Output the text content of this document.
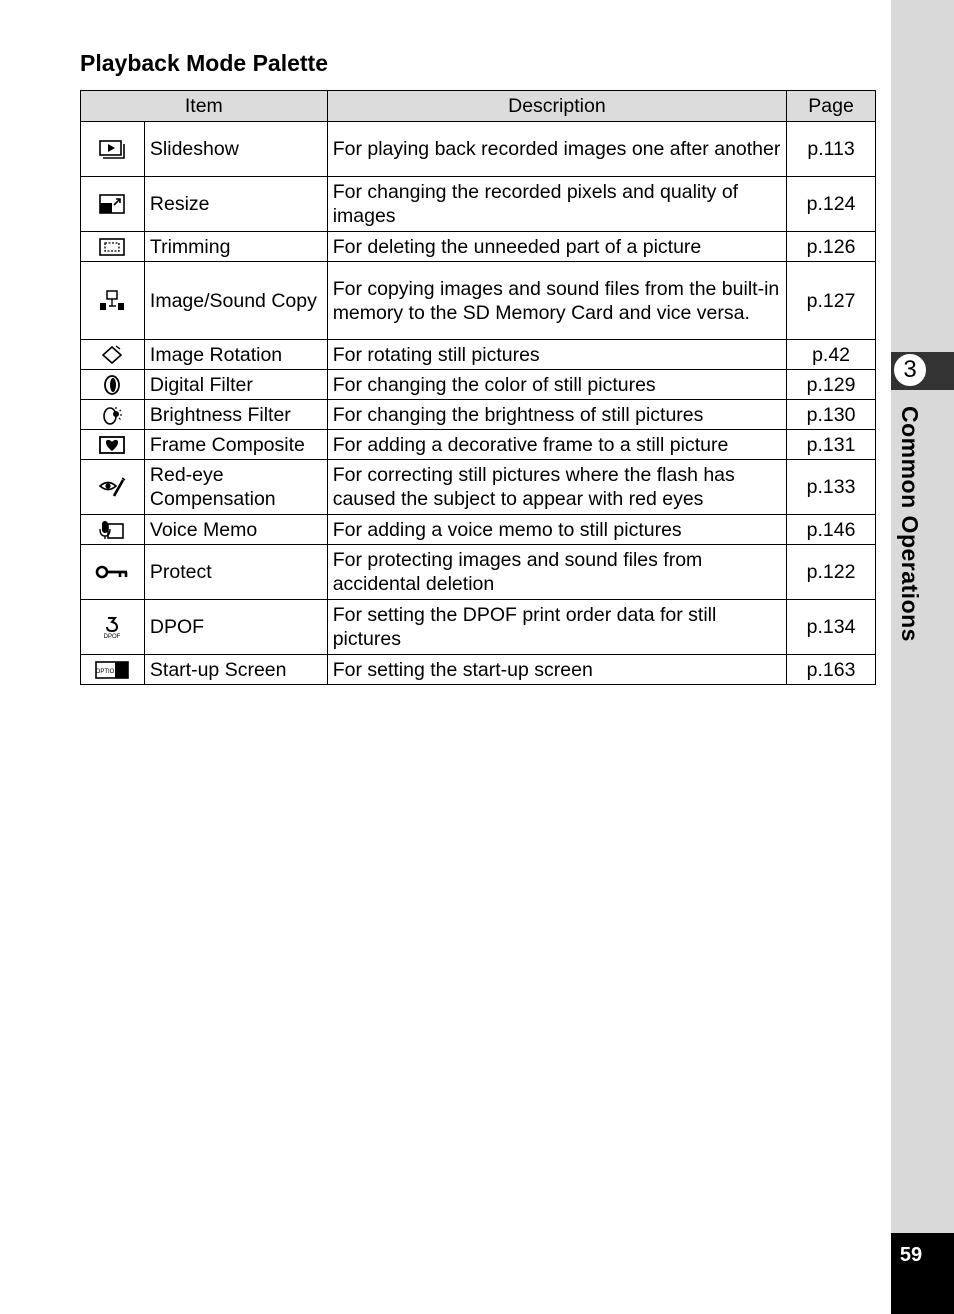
Playback Mode Palette
Item		Description	Page

	Slideshow	For playing back recorded images one after another	p.113

	Resize	For changing the recorded pixels and quality of images	p.124

	Trimming	For deleting the unneeded part of a picture	p.126

	Image/Sound Copy	For copying images and sound files from the built-in memory to the SD Memory Card and vice versa.	p.127

	Image Rotation	For rotating still pictures	p.42

	Digital Filter	For changing the color of still pictures	p.129

	Brightness Filter	For changing the brightness of still pictures	p.130

	Frame Composite	For adding a decorative frame to a still picture	p.131

	Red-eye Compensation	For correcting still pictures where the flash has caused the subject to appear with red eyes	p.133

	Voice Memo	For adding a voice memo to still pictures	p.146

	Protect	For protecting images and sound files from accidental deletion	p.122

DPOF	DPOF	For setting the DPOF print order data for still pictures	p.134

OPTIO	Start-up Screen	For setting the start-up screen	p.163
3
Common Operations
59
